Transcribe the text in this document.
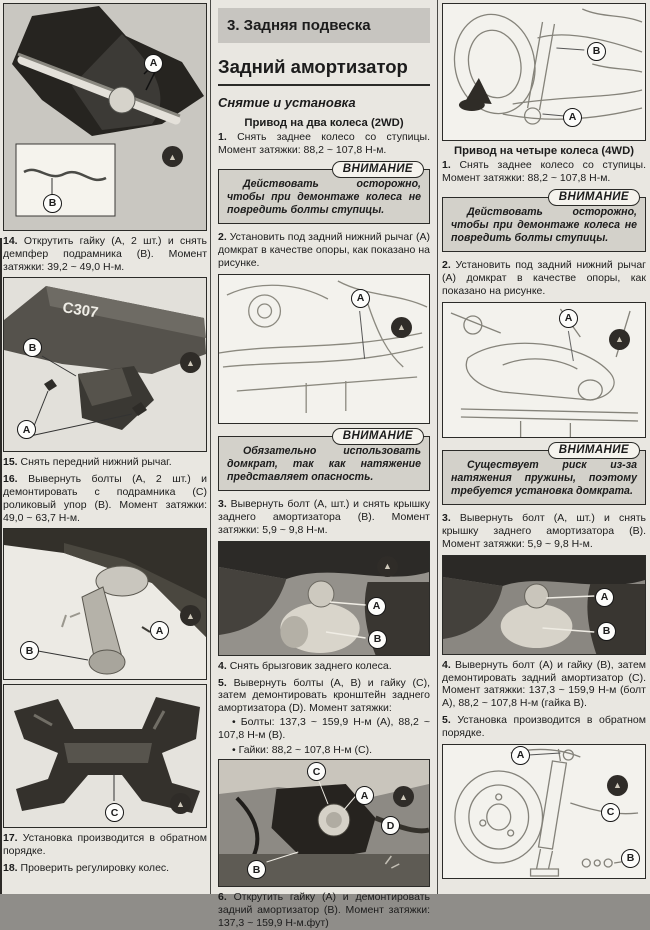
A
B
▲

14. Открутить гайку (А, 2 шт.) и снять демпфер подрамника (В). Момент затяжки: 39,2 ~ 49,0 Н-м.

C307
B
A
▲

15. Снять передний нижний рычаг.

16. Вывернуть болты (А, 2 шт.) и демонтировать с подрамника (С) роликовый упор (В). Момент затяжки: 49,0 ~ 63,7 Н-м.

B
A
▲
C
▲

17. Установка производится в обратном порядке.

18. Проверить регулировку колес.

3. Задняя подвеска
Задний амортизатор
Снятие и установка
Привод на два колеса (2WD)

1. Снять заднее колесо со ступицы. Момент затяжки: 88,2 ~ 107,8 Н-м.

ВНИМАНИЕ
Действовать осторожно, чтобы при демонтаже колеса не повредить болты ступицы.

2. Установить под задний нижний рычаг (А) домкрат в качестве опоры, как показано на рисунке.

A
▲
ВНИМАНИЕ
Обязательно использовать домкрат, так как натяжение представляет опасность.

3. Вывернуть болт (А, шт.) и снять крышку заднего амортизатора (В). Момент затяжки: 5,9 ~ 9,8 Н-м.

A
B
▲

4. Снять брызговик заднего колеса.

5. Вывернуть болты (А, В) и гайку (С), затем демонтировать кронштейн заднего амортизатора (D). Момент затяжки:

• Болты: 137,3 ~ 159,9 Н-м (А), 88,2 ~ 107,8 Н-м (В).
• Гайки: 88,2 ~ 107,8 Н-м (С).
C
A
D
B
▲

6. Открутить гайку (А) и демонтировать задний амортизатор (В). Момент затяжки: 137,3 ~ 159,9 Н-м.фут)

B
A
Привод на четыре колеса (4WD)

1. Снять заднее колесо со ступицы. Момент затяжки: 88,2 ~ 107,8 Н-м.

ВНИМАНИЕ
Действовать осторожно, чтобы при демонтаже колеса не повредить болты ступицы.

2. Установить под задний нижний рычаг (А) домкрат в качестве опоры, как показано на рисунке.

A
▲
ВНИМАНИЕ
Существует риск из-за натяжения пружины, поэтому требуется установка домкрата.

3. Вывернуть болт (А, шт.) и снять крышку заднего амортизатора (В). Момент затяжки: 5,9 ~ 9,8 Н-м.

A
B

4. Вывернуть болт (А) и гайку (В), затем демонтировать задний амортизатор (С). Момент затяжки: 137,3 ~ 159,9 Н-м (болт А), 88,2 ~ 107,8 Н-м (гайка В).

5. Установка производится в обратном порядке.

A
C
B
▲
